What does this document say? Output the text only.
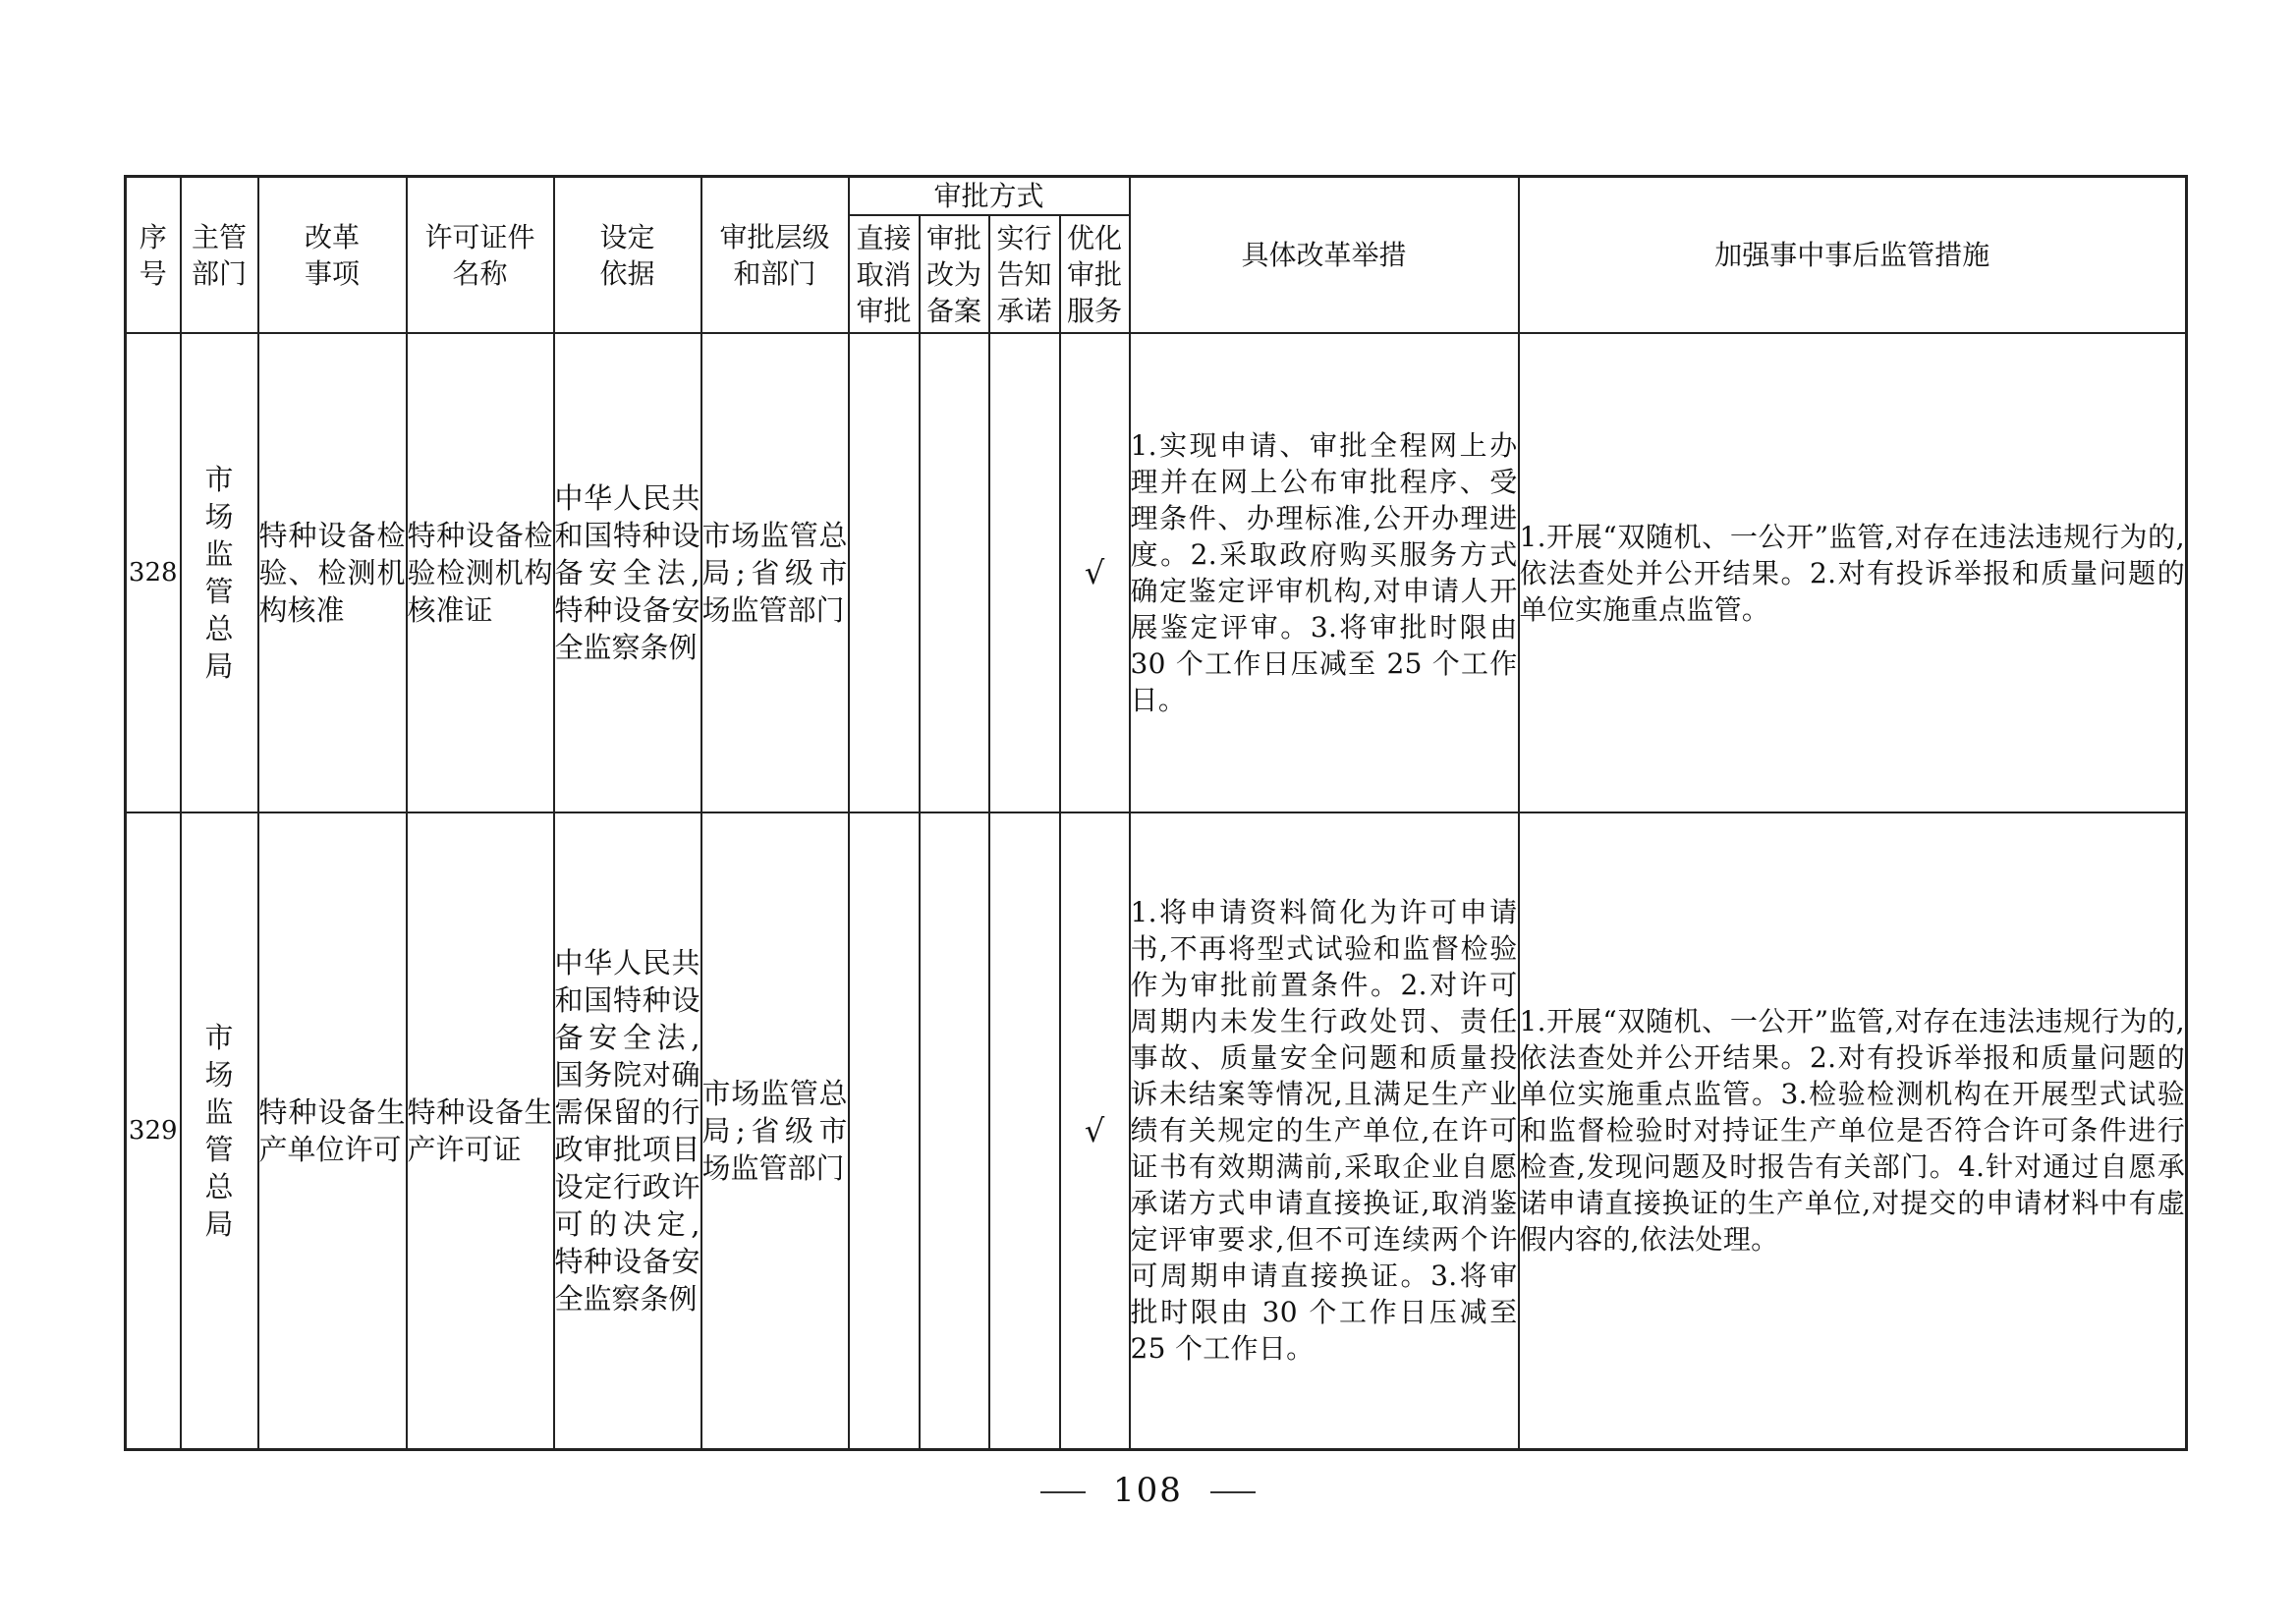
序号	主管部门	改革事项	许可证件名称	设定依据	审批层级和部门	审批方式				具体改革举措	加强事中事后监管措施

						直接取消审批	审批改为备案	实行告知承诺	优化审批服务		

328	市场监管总局	特种设备检验、检测机构核准	特种设备检验检测机构核准证	中华人民共和国特种设备安全法,特种设备安全监察条例	市场监管总局;省级市场监管部门				√	1.实现申请、审批全程网上办理并在网上公布审批程序、受理条件、办理标准,公开办理进度。2.采取政府购买服务方式确定鉴定评审机构,对申请人开展鉴定评审。3.将审批时限由 30 个工作日压减至 25 个工作日。	1.开展“双随机、一公开”监管,对存在违法违规行为的,依法查处并公开结果。2.对有投诉举报和质量问题的单位实施重点监管。
329	市场监管总局	特种设备生产单位许可	特种设备生产许可证	中华人民共和国特种设备安全法,国务院对确需保留的行政审批项目设定行政许可的决定,特种设备安全监察条例	市场监管总局;省级市场监管部门				√	1.将申请资料简化为许可申请书,不再将型式试验和监督检验作为审批前置条件。2.对许可周期内未发生行政处罚、责任事故、质量安全问题和质量投诉未结案等情况,且满足生产业绩有关规定的生产单位,在许可证书有效期满前,采取企业自愿承诺方式申请直接换证,取消鉴定评审要求,但不可连续两个许可周期申请直接换证。3.将审批时限由 30 个工作日压减至 25 个工作日。	1.开展“双随机、一公开”监管,对存在违法违规行为的,依法查处并公开结果。2.对有投诉举报和质量问题的单位实施重点监管。3.检验检测机构在开展型式试验和监督检验时对持证生产单位是否符合许可条件进行检查,发现问题及时报告有关部门。4.针对通过自愿承诺申请直接换证的生产单位,对提交的申请材料中有虚假内容的,依法处理。
108
